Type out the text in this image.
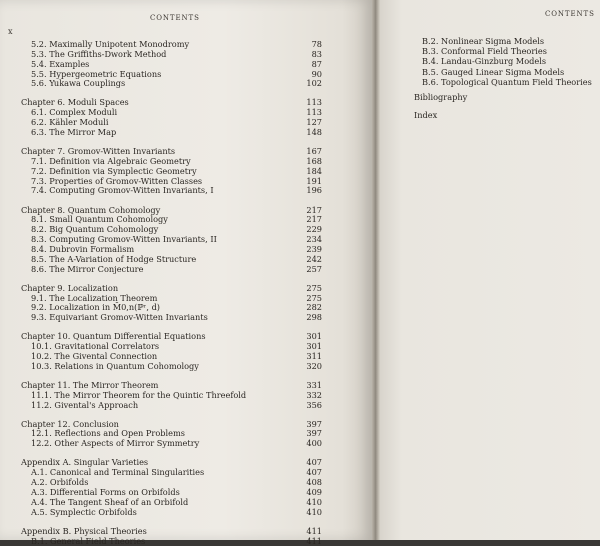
CONTENTS
x
5.2. Maximally Unipotent Monodromy	78
5.3. The Griffiths-Dwork Method	83
5.4. Examples	87
5.5. Hypergeometric Equations	90
5.6. Yukawa Couplings	102
Chapter 6. Moduli Spaces	113
6.1. Complex Moduli	113
6.2. Kähler Moduli	127
6.3. The Mirror Map	148
Chapter 7. Gromov-Witten Invariants	167
7.1. Definition via Algebraic Geometry	168
7.2. Definition via Symplectic Geometry	184
7.3. Properties of Gromov-Witten Classes	191
7.4. Computing Gromov-Witten Invariants, I	196
Chapter 8. Quantum Cohomology	217
8.1. Small Quantum Cohomology	217
8.2. Big Quantum Cohomology	229
8.3. Computing Gromov-Witten Invariants, II	234
8.4. Dubrovin Formalism	239
8.5. The A-Variation of Hodge Structure	242
8.6. The Mirror Conjecture	257
Chapter 9. Localization	275
9.1. The Localization Theorem	275
9.2. Localization in M̄0,n(ℙʳ, d)	282
9.3. Equivariant Gromov-Witten Invariants	298
Chapter 10. Quantum Differential Equations	301
10.1. Gravitational Correlators	301
10.2. The Givental Connection	311
10.3. Relations in Quantum Cohomology	320
Chapter 11. The Mirror Theorem	331
11.1. The Mirror Theorem for the Quintic Threefold	332
11.2. Givental's Approach	356
Chapter 12. Conclusion	397
12.1. Reflections and Open Problems	397
12.2. Other Aspects of Mirror Symmetry	400
Appendix A. Singular Varieties	407
A.1. Canonical and Terminal Singularities	407
A.2. Orbifolds	408
A.3. Differential Forms on Orbifolds	409
A.4. The Tangent Sheaf of an Orbifold	410
A.5. Symplectic Orbifolds	410
Appendix B. Physical Theories	411
B.1. General Field Theories	411
CONTENTS
B.2. Nonlinear Sigma Models
B.3. Conformal Field Theories
B.4. Landau-Ginzburg Models
B.5. Gauged Linear Sigma Models
B.6. Topological Quantum Field Theories
Bibliography
Index
